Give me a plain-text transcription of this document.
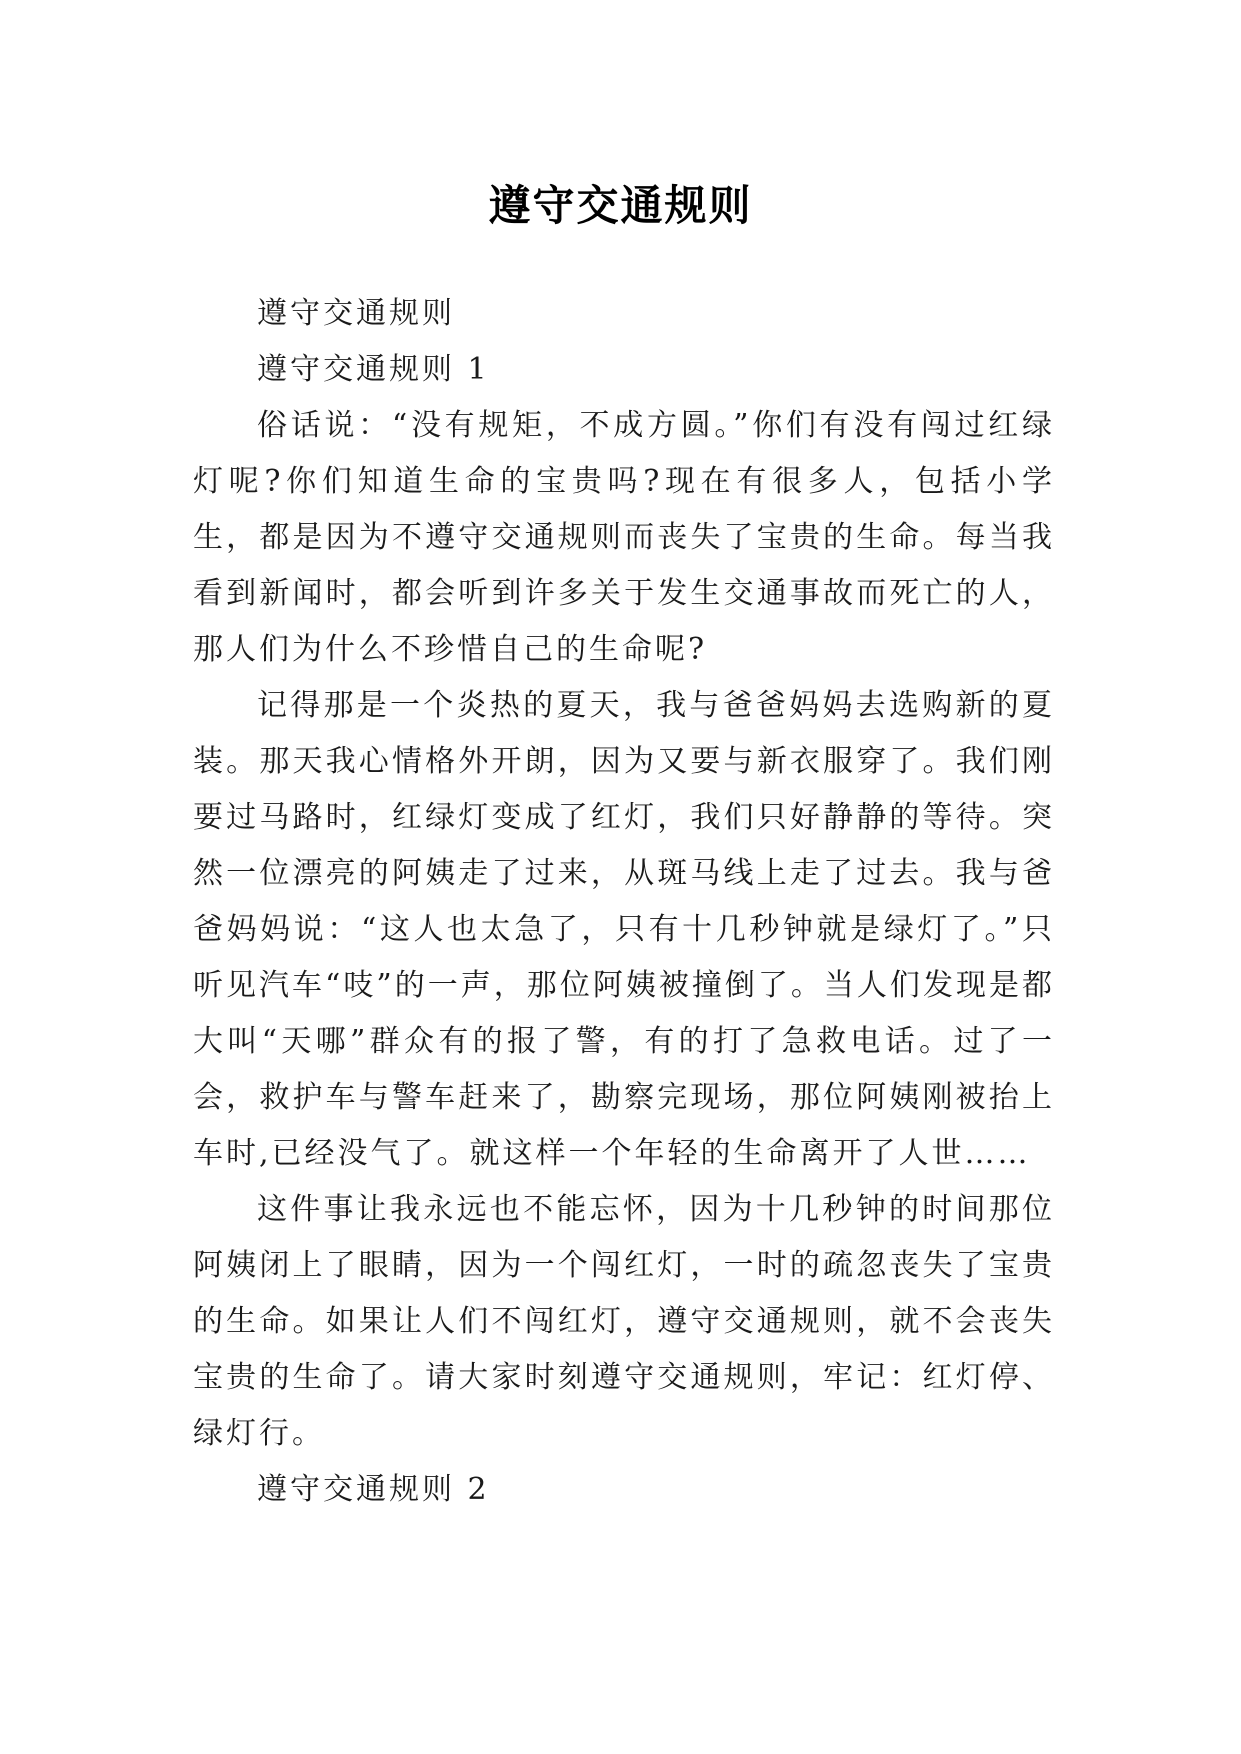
遵守交通规则

遵守交通规则

遵守交通规则 1

俗话说：“没有规矩，不成方圆。”你们有没有闯过红绿灯呢?你们知道生命的宝贵吗?现在有很多人，包括小学生，都是因为不遵守交通规则而丧失了宝贵的生命。每当我看到新闻时，都会听到许多关于发生交通事故而死亡的人，那人们为什么不珍惜自己的生命呢?

记得那是一个炎热的夏天，我与爸爸妈妈去选购新的夏装。那天我心情格外开朗，因为又要与新衣服穿了。我们刚要过马路时，红绿灯变成了红灯，我们只好静静的等待。突然一位漂亮的阿姨走了过来，从斑马线上走了过去。我与爸爸妈妈说：“这人也太急了，只有十几秒钟就是绿灯了。”只听见汽车“吱”的一声，那位阿姨被撞倒了。当人们发现是都大叫“天哪”群众有的报了警，有的打了急救电话。过了一会，救护车与警车赶来了，勘察完现场，那位阿姨刚被抬上车时,已经没气了。就这样一个年轻的生命离开了人世……

这件事让我永远也不能忘怀，因为十几秒钟的时间那位阿姨闭上了眼睛，因为一个闯红灯，一时的疏忽丧失了宝贵的生命。如果让人们不闯红灯，遵守交通规则，就不会丧失宝贵的生命了。请大家时刻遵守交通规则，牢记：红灯停、绿灯行。

遵守交通规则 2
